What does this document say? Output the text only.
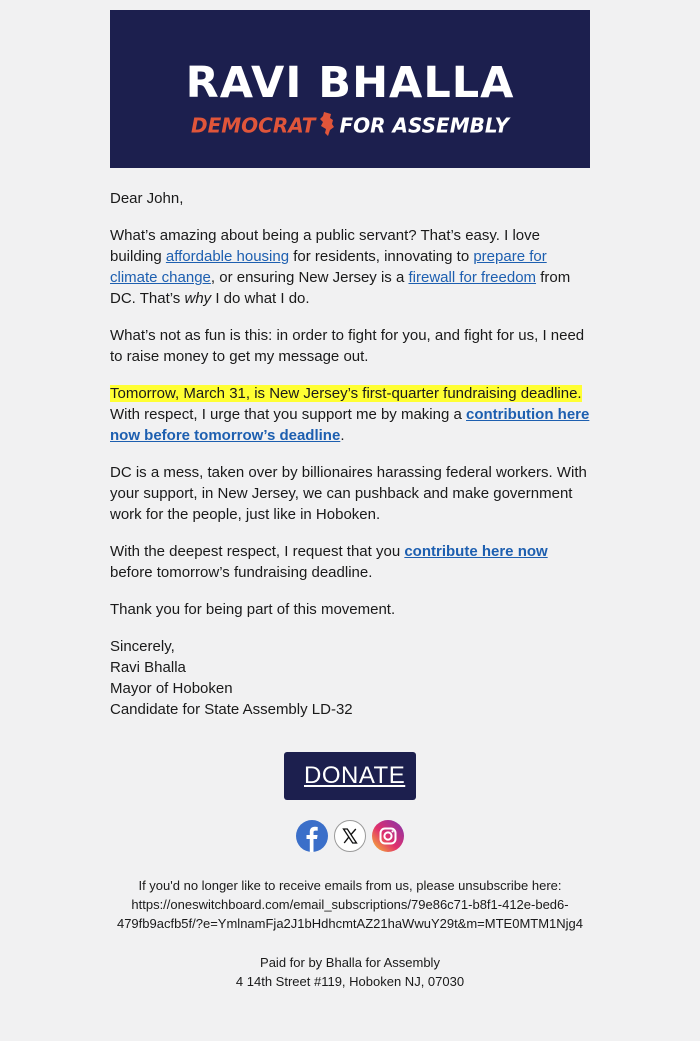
RAVI BHALLA
DEMOCRAT FOR ASSEMBLY

Dear John,

What’s amazing about being a public servant? That’s easy. I love building affordable housing for residents, innovating to prepare for climate change, or ensuring New Jersey is a firewall for freedom from DC. That’s why I do what I do.

What’s not as fun is this: in order to fight for you, and fight for us, I need to raise money to get my message out.

Tomorrow, March 31, is New Jersey’s first-quarter fundraising deadline. With respect, I urge that you support me by making a contribution here now before tomorrow’s deadline.

DC is a mess, taken over by billionaires harassing federal workers. With your support, in New Jersey, we can pushback and make government work for the people, just like in Hoboken.

With the deepest respect, I request that you contribute here now before tomorrow’s fundraising deadline.

Thank you for being part of this movement.

Sincerely,

Ravi Bhalla

Mayor of Hoboken

Candidate for State Assembly LD-32

DONATE

If you'd no longer like to receive emails from us, please unsubscribe here:

https://oneswitchboard.com/email_subscriptions/79e86c71-b8f1-412e-bed6-479fb9acfb5f/?e=YmlnamFja2J1bHdhcmtAZ21haWwuY29t&m=MTE0MTM1Njg4

Paid for by Bhalla for Assembly

4 14th Street #119, Hoboken NJ, 07030
